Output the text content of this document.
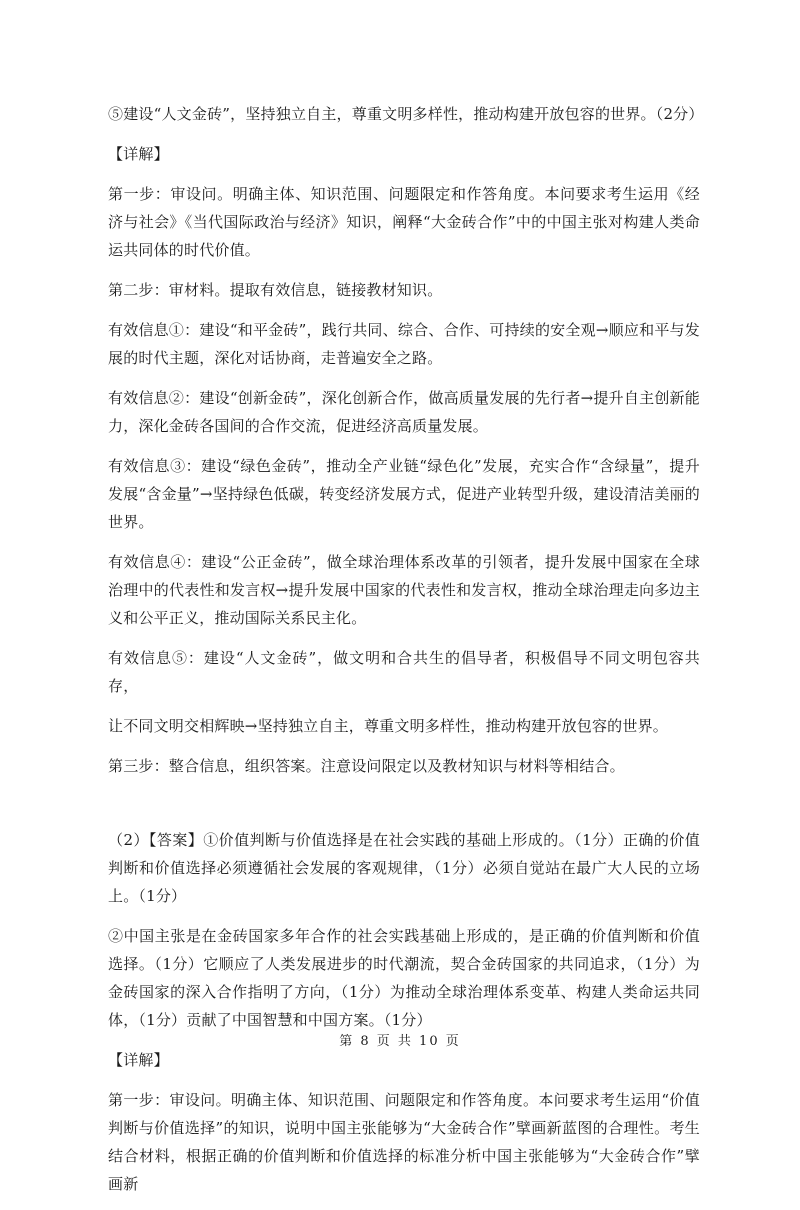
⑤建设“人文金砖”，坚持独立自主，尊重文明多样性，推动构建开放包容的世界。（2分）

【详解】

第一步：审设问。明确主体、知识范围、问题限定和作答角度。本问要求考生运用《经济与社会》《当代国际政治与经济》知识，阐释“大金砖合作”中的中国主张对构建人类命运共同体的时代价值。

第二步：审材料。提取有效信息，链接教材知识。

有效信息①：建设“和平金砖”，践行共同、综合、合作、可持续的安全观→顺应和平与发展的时代主题，深化对话协商，走普遍安全之路。

有效信息②：建设“创新金砖”，深化创新合作，做高质量发展的先行者→提升自主创新能力，深化金砖各国间的合作交流，促进经济高质量发展。

有效信息③：建设“绿色金砖”，推动全产业链“绿色化”发展，充实合作“含绿量”，提升发展“含金量”→坚持绿色低碳，转变经济发展方式，促进产业转型升级，建设清洁美丽的世界。

有效信息④：建设“公正金砖”，做全球治理体系改革的引领者，提升发展中国家在全球治理中的代表性和发言权→提升发展中国家的代表性和发言权，推动全球治理走向多边主义和公平正义，推动国际关系民主化。

有效信息⑤：建设“人文金砖”，做文明和合共生的倡导者，积极倡导不同文明包容共存，

让不同文明交相辉映→坚持独立自主，尊重文明多样性，推动构建开放包容的世界。

第三步：整合信息，组织答案。注意设问限定以及教材知识与材料等相结合。

（2）【答案】①价值判断与价值选择是在社会实践的基础上形成的。（1分）正确的价值判断和价值选择必须遵循社会发展的客观规律，（1分）必须自觉站在最广大人民的立场上。（1分）

②中国主张是在金砖国家多年合作的社会实践基础上形成的，是正确的价值判断和价值选择。（1分）它顺应了人类发展进步的时代潮流，契合金砖国家的共同追求，（1分）为金砖国家的深入合作指明了方向，（1分）为推动全球治理体系变革、构建人类命运共同体，（1分）贡献了中国智慧和中国方案。（1分）

【详解】

第一步：审设问。明确主体、知识范围、问题限定和作答角度。本问要求考生运用“价值判断与价值选择”的知识，说明中国主张能够为“大金砖合作”擘画新蓝图的合理性。考生结合材料，根据正确的价值判断和价值选择的标准分析中国主张能够为“大金砖合作”擘画新

第 8 页 共 10 页
